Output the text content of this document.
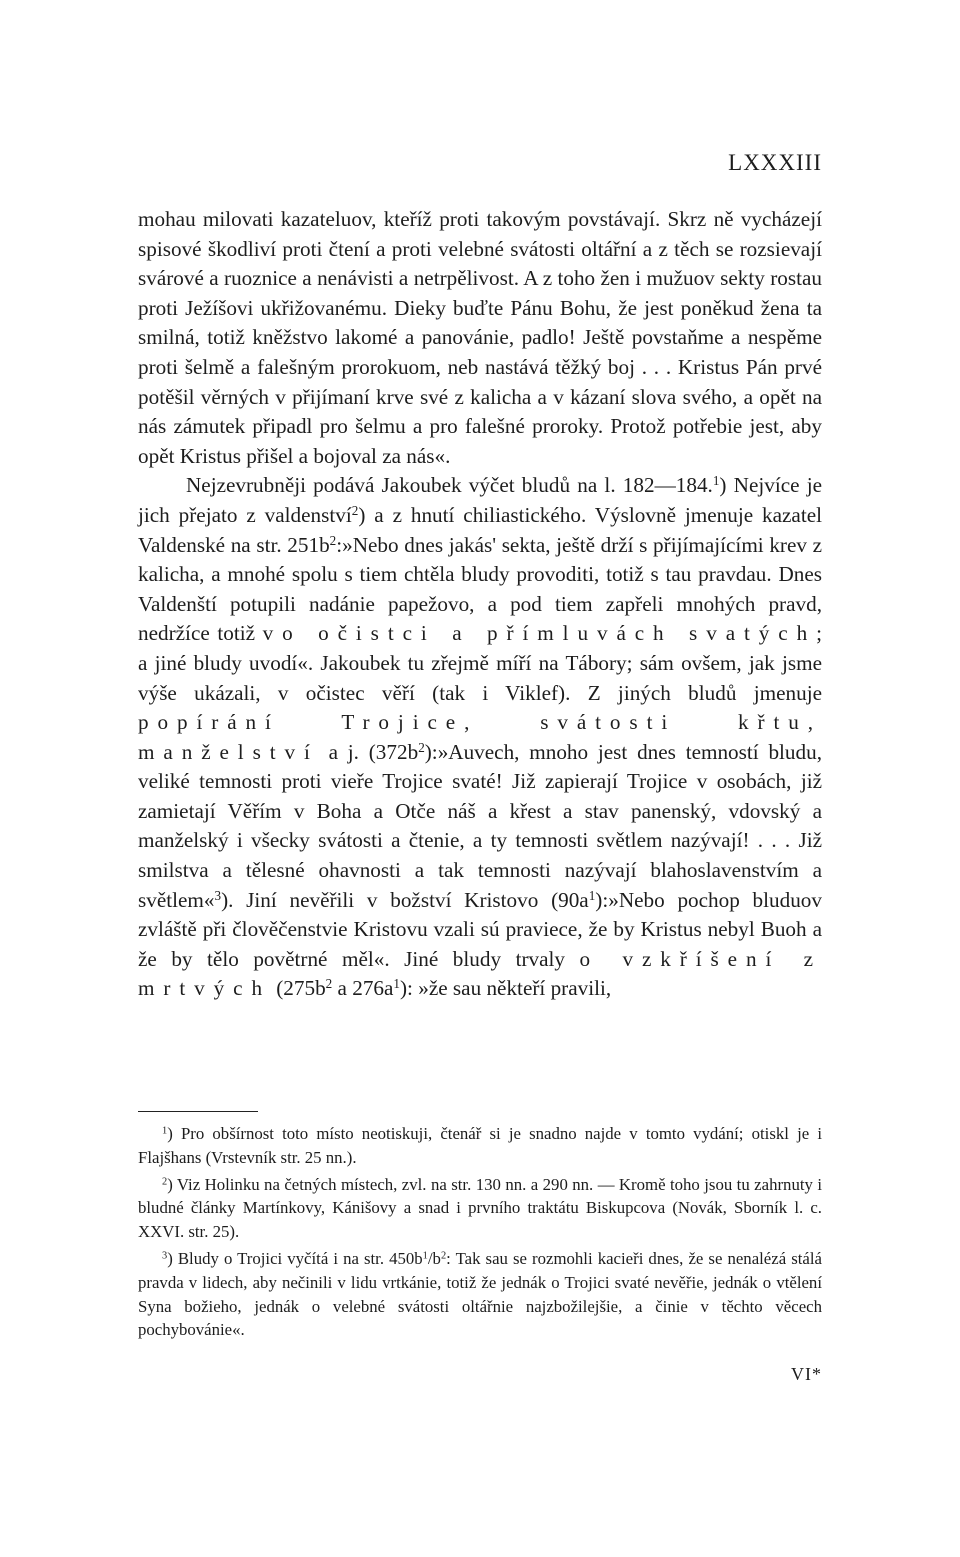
LXXXIII

mohau milovati kazateluov, kteříž proti takovým povstávají. Skrz ně vycházejí spisové škodliví proti čtení a proti velebné svátosti oltářní a z těch se rozsievají svárové a ruoznice a nenávisti a netrpělivost. A z toho žen i mužuov sekty rostau proti Ježíšovi ukřižovanému. Dieky buďte Pánu Bohu, že jest poněkud žena ta smilná, totiž kněžstvo lakomé a panovánie, padlo! Ještě povstaňme a nespěme proti šelmě a falešným prorokuom, neb nastává těžký boj . . . Kristus Pán prvé potěšil věrných v přijímaní krve své z kalicha a v kázaní slova svého, a opět na nás zámutek připadl pro šelmu a pro falešné proroky. Protož potřebie jest, aby opět Kristus přišel a bojoval za nás«.

Nejzevrubněji podává Jakoubek výčet bludů na l. 182—184.$^1$) Nejvíce je jich přejato z valdenství$^2$) a z hnutí chiliastického. Výslovně jmenuje kazatel Valdenské na str. $251b^2:»Nebo$ dnes jakás' sekta, ještě drží s přijímajícími krev z kalicha, a mnohé spolu s tiem chtěla bludy provoditi, totiž s tau pravdau. Dnes Valdenští potupili nadánie papežovo, a pod tiem zapřeli mnohých pravd, nedržíce totiž vo očistci a přímluvách svatých; a jiné bludy uvodí«. Jakoubek tu zřejmě míří na Tábory; sám ovšem, jak jsme výše ukázali, v očistec věří (tak i Viklef). Z jiných bludů jmenuje popírání Trojice, svátosti křtu, manželství a j. $(372b^2):»Auvech$, mnoho jest dnes temností bludu, veliké temnosti proti vieře Trojice svaté! Již zapierají Trojice v osobách, již zamietají Věřím v Boha a Otče náš a křest a stav panenský, vdovský a manželský i všecky svátosti a čtenie, a ty temnosti světlem nazývají! . . . Již smilstva a tělesné ohavnosti a tak temnosti nazývají blahoslavenstvím a světlem«$^3$). Jiní nevěřili v božství Kristovo $(90a^1):»Nebo$ pochop bluduov zvláště při člověčenstvie Kristovu vzali sú praviece, že by Kristus nebyl Buoh a že by tělo povětrné měl«. Jiné bludy trvaly o vzkříšení z mrtvých ($275b^2$ a $276a^1$): »že sau někteří pravili,

$^1$) Pro obšírnost toto místo neotiskuji, čtenář si je snadno najde v tomto vydání; otiskl je i Flajšhans (Vrstevník str. 25 nn.).

$^2$) Viz Holinku na četných místech, zvl. na str. 130 nn. a 290 nn. — Kromě toho jsou tu zahrnuty i bludné články Martínkovy, Kánišovy a snad i prvního traktátu Biskupcova (Novák, Sborník l. c. XXVI. str. 25).

$^3$) Bludy o Trojici vyčítá i na str. $450b^1/b^2$: Tak sau se rozmohli kacieři dnes, že se nenalézá stálá pravda v lidech, aby nečinili v lidu vrtkánie, totiž že jednák o Trojici svaté nevěřie, jednák o vtělení Syna božieho, jednák o velebné svátosti oltářnie najzbožilejšie, a činie v těchto věcech pochybovánie«.

VI*
